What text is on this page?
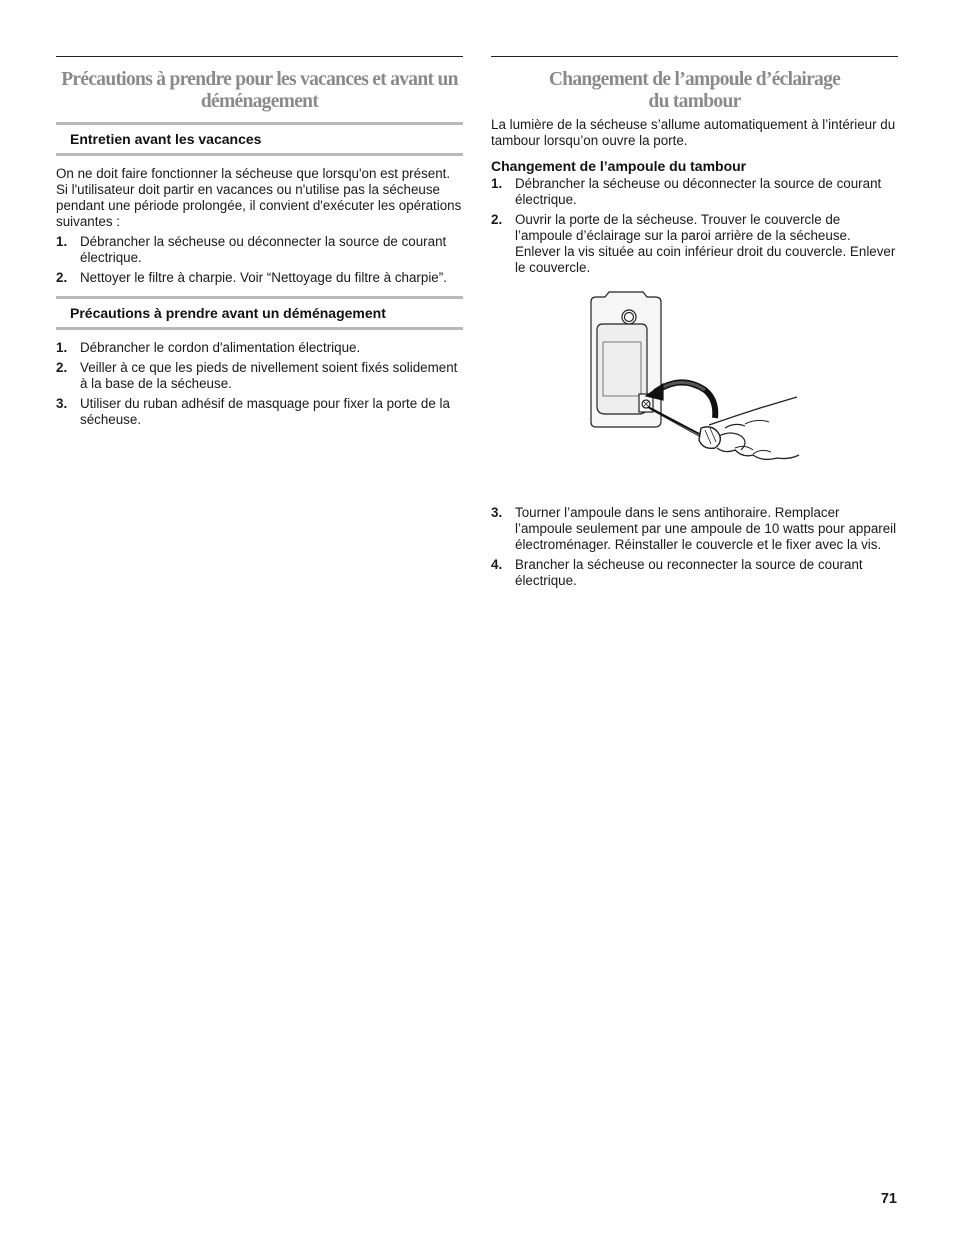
Précautions à prendre pour les vacances et avant un
déménagement
Entretien avant les vacances

On ne doit faire fonctionner la sécheuse que lorsqu'on est présent. Si l'utilisateur doit partir en vacances ou n'utilise pas la sécheuse pendant une période prolongée, il convient d'exécuter les opérations suivantes :

1. Débrancher la sécheuse ou déconnecter la source de courant électrique.
2. Nettoyer le filtre à charpie. Voir “Nettoyage du filtre à charpie”.
Précautions à prendre avant un déménagement
1. Débrancher le cordon d'alimentation électrique.
2. Veiller à ce que les pieds de nivellement soient fixés solidement à la base de la sécheuse.
3. Utiliser du ruban adhésif de masquage pour fixer la porte de la sécheuse.
Changement de l’ampoule d’éclairage
du tambour

La lumière de la sécheuse s’allume automatiquement à l’intérieur du tambour lorsqu’on ouvre la porte.

Changement de l’ampoule du tambour

1. Débrancher la sécheuse ou déconnecter la source de courant électrique.
2. Ouvrir la porte de la sécheuse. Trouver le couvercle de l’ampoule d’éclairage sur la paroi arrière de la sécheuse. Enlever la vis située au coin inférieur droit du couvercle. Enlever le couvercle.
3. Tourner l’ampoule dans le sens antihoraire. Remplacer l’ampoule seulement par une ampoule de 10 watts pour appareil électroménager. Réinstaller le couvercle et le fixer avec la vis.
4. Brancher la sécheuse ou reconnecter la source de courant électrique.
71
